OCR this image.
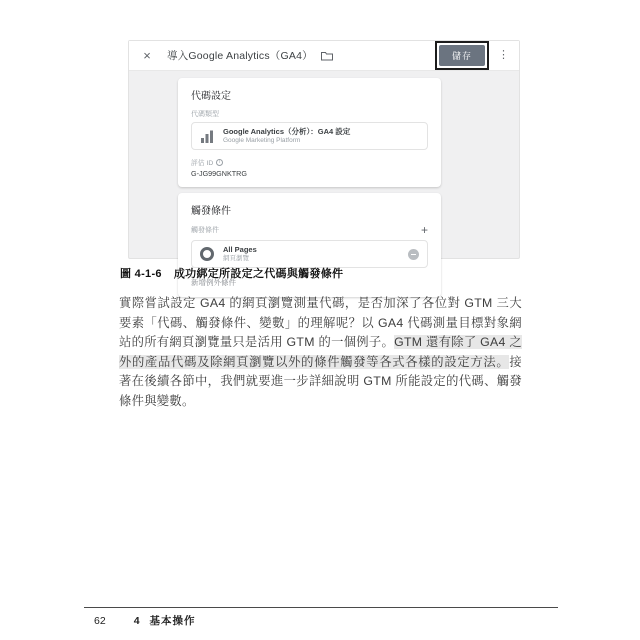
×	導入Google Analytics（GA4）	儲存	⋮
代碼設定
代碼類型
Google Analytics（分析）：GA4 設定
Google Marketing Platform
評估 ID	i
G-JG99GNKTRG
觸發條件
觸發條件	+
All Pages
網頁瀏覽
新增例外條件
圖 4-1-6 成功綁定所設定之代碼與觸發條件

實際嘗試設定 GA4 的網頁瀏覽測量代碼，是否加深了各位對 GTM 三大要素「代碼、觸發條件、變數」的理解呢？以 GA4 代碼測量目標對象網站的所有網頁瀏覽量只是活用 GTM 的一個例子。GTM 還有除了 GA4 之外的產品代碼及除網頁瀏覽以外的條件觸發等各式各樣的設定方法。接著在後續各節中，我們就要進一步詳細說明 GTM 所能設定的代碼、觸發條件與變數。

62	4 基本操作
